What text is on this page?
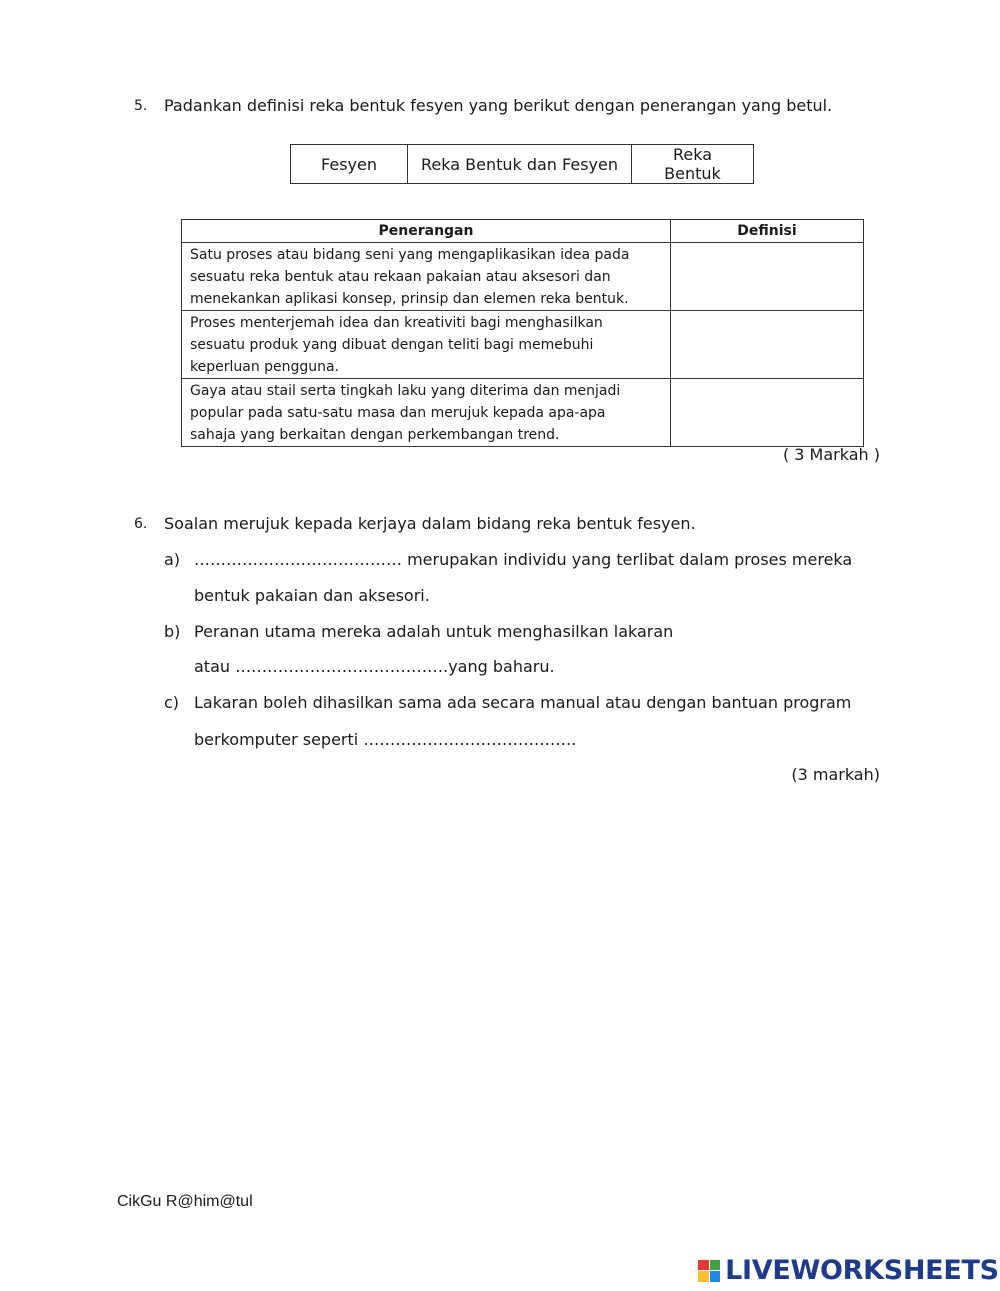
5. Padankan definisi reka bentuk fesyen yang berikut dengan penerangan yang betul.
Fesyen	Reka Bentuk dan Fesyen	Reka Bentuk
Penerangan	Definisi

Satu proses atau bidang seni yang mengaplikasikan idea pada
sesuatu reka bentuk atau rekaan pakaian atau aksesori dan
menekankan aplikasi konsep, prinsip dan elemen reka bentuk.	

Proses menterjemah idea dan kreativiti bagi menghasilkan
sesuatu produk yang dibuat dengan teliti bagi memebuhi
keperluan pengguna.	

Gaya atau stail serta tingkah laku yang diterima dan menjadi
popular pada satu-satu masa dan merujuk kepada apa-apa
sahaja yang berkaitan dengan perkembangan trend.	

( 3 Markah )
6. Soalan merujuk kepada kerjaya dalam bidang reka bentuk fesyen.
a) ………………………………… merupakan individu yang terlibat dalam proses mereka
bentuk pakaian dan aksesori.
b) Peranan utama mereka adalah untuk menghasilkan lakaran
atau ………………………………….yang baharu.
c) Lakaran boleh dihasilkan sama ada secara manual atau dengan bantuan program
berkomputer seperti ………………………………….
(3 markah)
CikGu R@him@tul
LIVEWORKSHEETS
